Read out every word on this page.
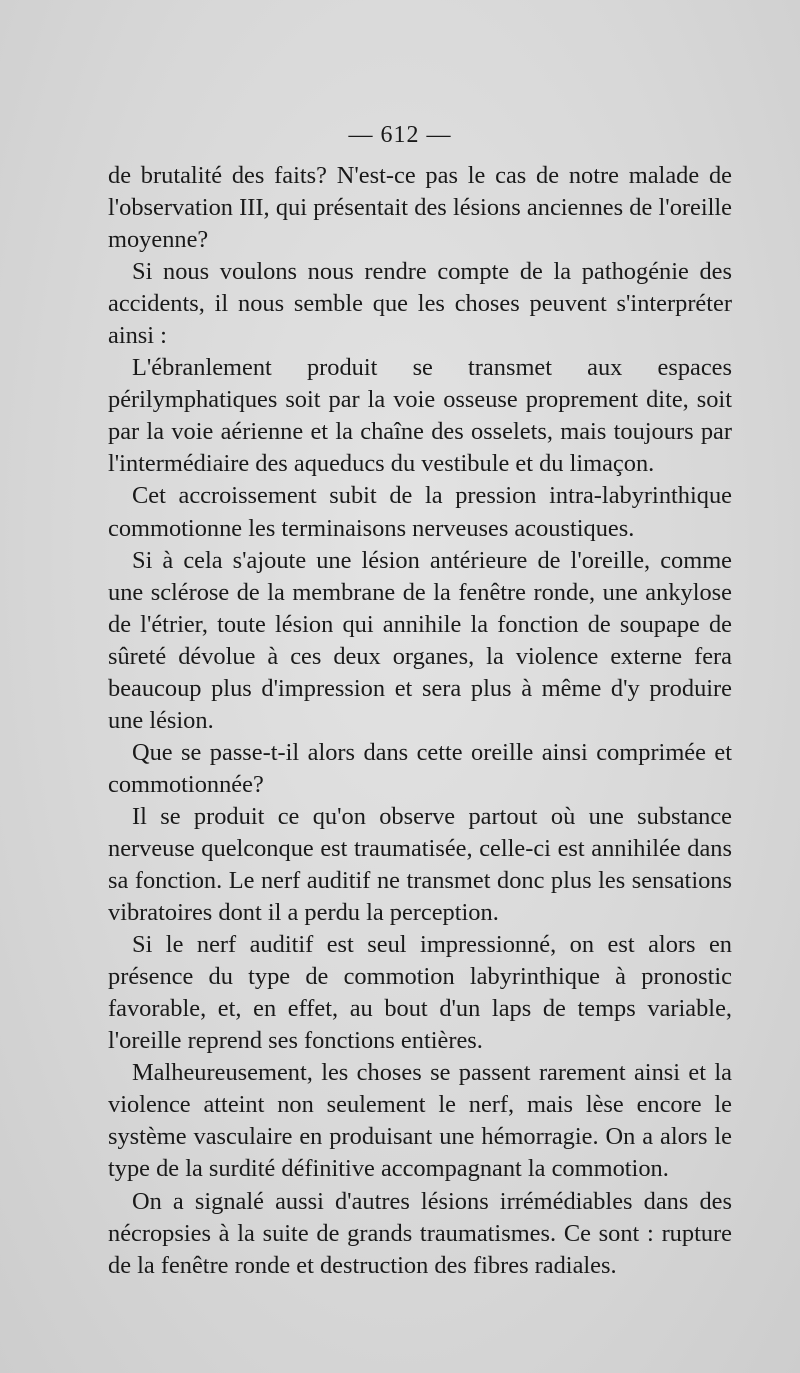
— 612 —

de brutalité des faits? N'est-ce pas le cas de notre malade de l'observation III, qui présentait des lésions anciennes de l'oreille moyenne?

Si nous voulons nous rendre compte de la pathogénie des accidents, il nous semble que les choses peuvent s'interpréter ainsi :

L'ébranlement produit se transmet aux espaces périlymphatiques soit par la voie osseuse proprement dite, soit par la voie aérienne et la chaîne des osselets, mais toujours par l'intermédiaire des aqueducs du vestibule et du limaçon.

Cet accroissement subit de la pression intra-labyrinthique commotionne les terminaisons nerveuses acoustiques.

Si à cela s'ajoute une lésion antérieure de l'oreille, comme une sclérose de la membrane de la fenêtre ronde, une ankylose de l'étrier, toute lésion qui annihile la fonction de soupape de sûreté dévolue à ces deux organes, la violence externe fera beaucoup plus d'impression et sera plus à même d'y produire une lésion.

Que se passe-t-il alors dans cette oreille ainsi comprimée et commotionnée?

Il se produit ce qu'on observe partout où une substance nerveuse quelconque est traumatisée, celle-ci est annihilée dans sa fonction. Le nerf auditif ne transmet donc plus les sensations vibratoires dont il a perdu la perception.

Si le nerf auditif est seul impressionné, on est alors en présence du type de commotion labyrinthique à pronostic favorable, et, en effet, au bout d'un laps de temps variable, l'oreille reprend ses fonctions entières.

Malheureusement, les choses se passent rarement ainsi et la violence atteint non seulement le nerf, mais lèse encore le système vasculaire en produisant une hémorragie. On a alors le type de la surdité définitive accompagnant la commotion.

On a signalé aussi d'autres lésions irrémédiables dans des nécropsies à la suite de grands traumatismes. Ce sont : rupture de la fenêtre ronde et destruction des fibres radiales.
